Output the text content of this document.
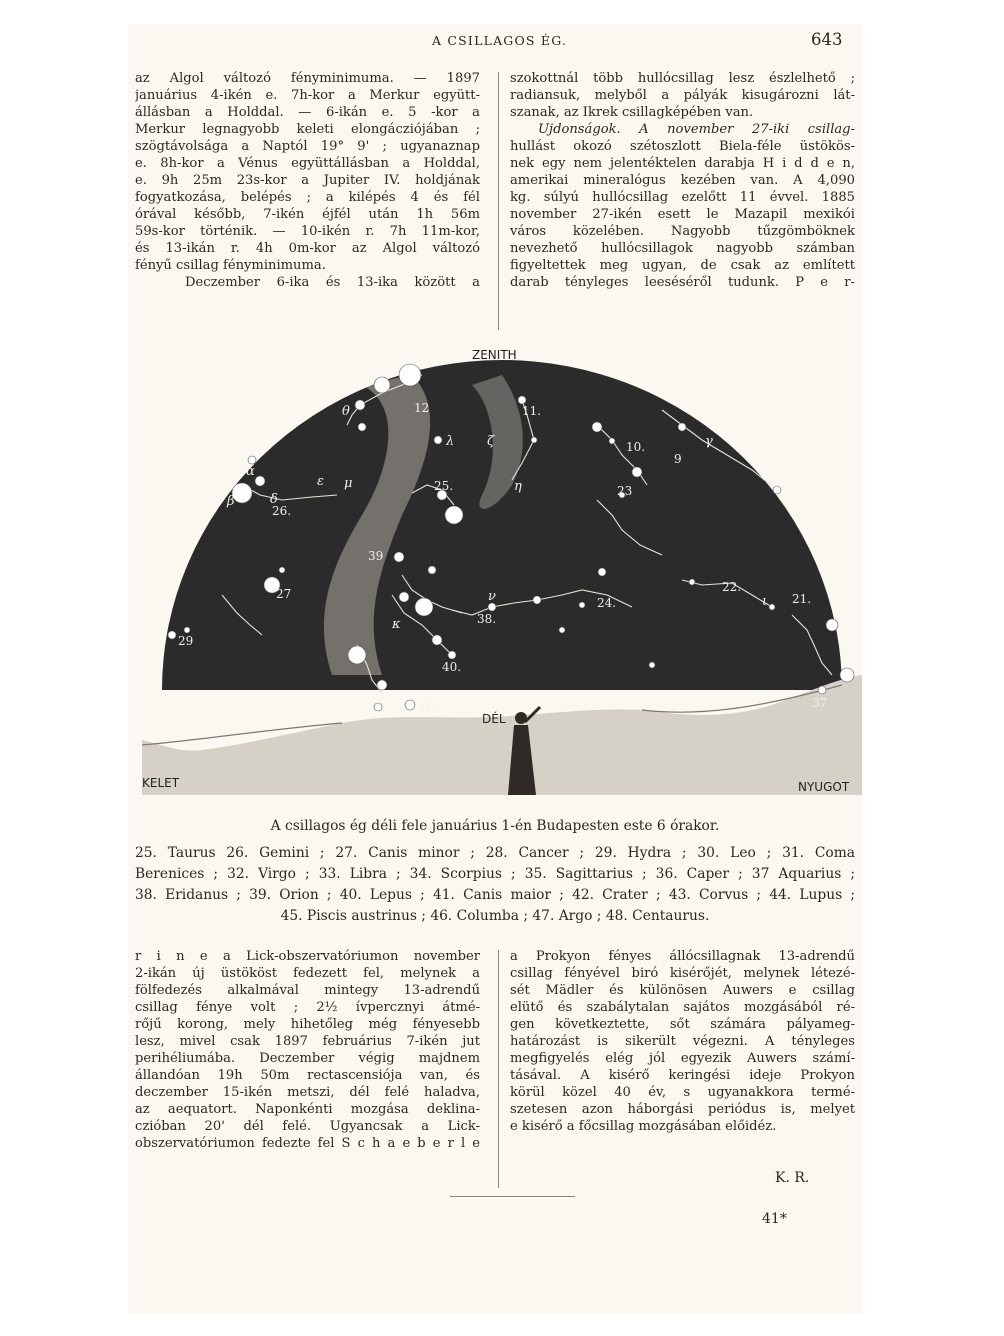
A CSILLAGOS ÉG.	643
az Algol változó fényminimuma. — 1897
januárius 4-ikén e. 7h-kor a Merkur együtt-
állásban a Holddal. — 6-ikán e. 5 -kor a
Merkur legnagyobb keleti elongácziójában ;
szögtávolsága a Naptól 19° 9' ; ugyanaznap
e. 8h-kor a Vénus együttállásban a Holddal,
e. 9h 25m 23s-kor a Jupiter IV. holdjának
fogyatkozása, belépés ; a kilépés 4 és fél
órával később, 7-ikén éjfél után 1h 56m
59s-kor történik. — 10-ikén r. 7h 11m-kor,
és 13-ikán r. 4h 0m-kor az Algol változó
fényű csillag fényminimuma.
Deczember 6-ika és 13-ika között a
szokottnál több hullócsillag lesz észlelhető ;
radiansuk, melyből a pályák kisugározni lát-
szanak, az Ikrek csillagképében van.
Ujdonságok. A november 27-iki csillag-
hullást okozó szétoszlott Biela-féle üstökös-
nek egy nem jelentéktelen darabja H i d d e n,
amerikai mineralógus kezében van. A 4,090
kg. súlyú hullócsillag ezelőtt 11 évvel. 1885
november 27-ikén esett le Mazapil mexikói
város közelében. Nagyobb tűzgömböknek
nevezhető hullócsillagok nagyobb számban
figyeltettek meg ugyan, de csak az említett
darab tényleges leeséséről tudunk. P e r-
ZENITH
DÉL
KELET	NYUGOT
11.
10.
12
9
25.
26.
23
39
27
38.
24.
22.
21.
29
40.
46.	37
α
β
γ
δ
ε
ζ
η
θ
ι
κ
λ
μ
ν
A csillagos ég déli fele januárius 1-én Budapesten este 6 órakor.
25. Taurus 26. Gemini ; 27. Canis minor ; 28. Cancer ; 29. Hydra ; 30. Leo ; 31. Coma
Berenices ; 32. Virgo ; 33. Libra ; 34. Scorpius ; 35. Sagittarius ; 36. Caper ; 37 Aquarius ;
38. Eridanus ; 39. Orion ; 40. Lepus ; 41. Canis maior ; 42. Crater ; 43. Corvus ; 44. Lupus ;
45. Piscis austrinus ; 46. Columba ; 47. Argo ; 48. Centaurus.
r i n e a Lick-obszervatóriumon november
2-ikán új üstököst fedezett fel, melynek a
fölfedezés alkalmával mintegy 13-adrendű
csillag fénye volt ; 2½ ívpercznyi átmé-
rőjű korong, mely hihetőleg még fényesebb
lesz, mivel csak 1897 februárius 7-ikén jut
perihéliumába. Deczember végig majdnem
állandóan 19h 50m rectascensiója van, és
deczember 15-ikén metszi, dél felé haladva,
az aequatort. Naponkénti mozgása deklina-
czióban 20' dél felé. Ugyancsak a Lick-
obszervatóriumon fedezte fel S c h a e b e r l e
a Prokyon fényes állócsillagnak 13-adrendű
csillag fényével biró kisérőjét, melynek létezé-
sét Mädler és különösen Auwers e csillag
elütő és szabálytalan sajátos mozgásából ré-
gen következtette, sőt számára pályameg-
határozást is sikerült végezni. A tényleges
megfigyelés elég jól egyezik Auwers számí-
tásával. A kisérő keringési ideje Prokyon
körül közel 40 év, s ugyanakkora termé-
szetesen azon háborgási periódus is, melyet
e kisérő a főcsillag mozgásában előidéz.
K. R.
41*
